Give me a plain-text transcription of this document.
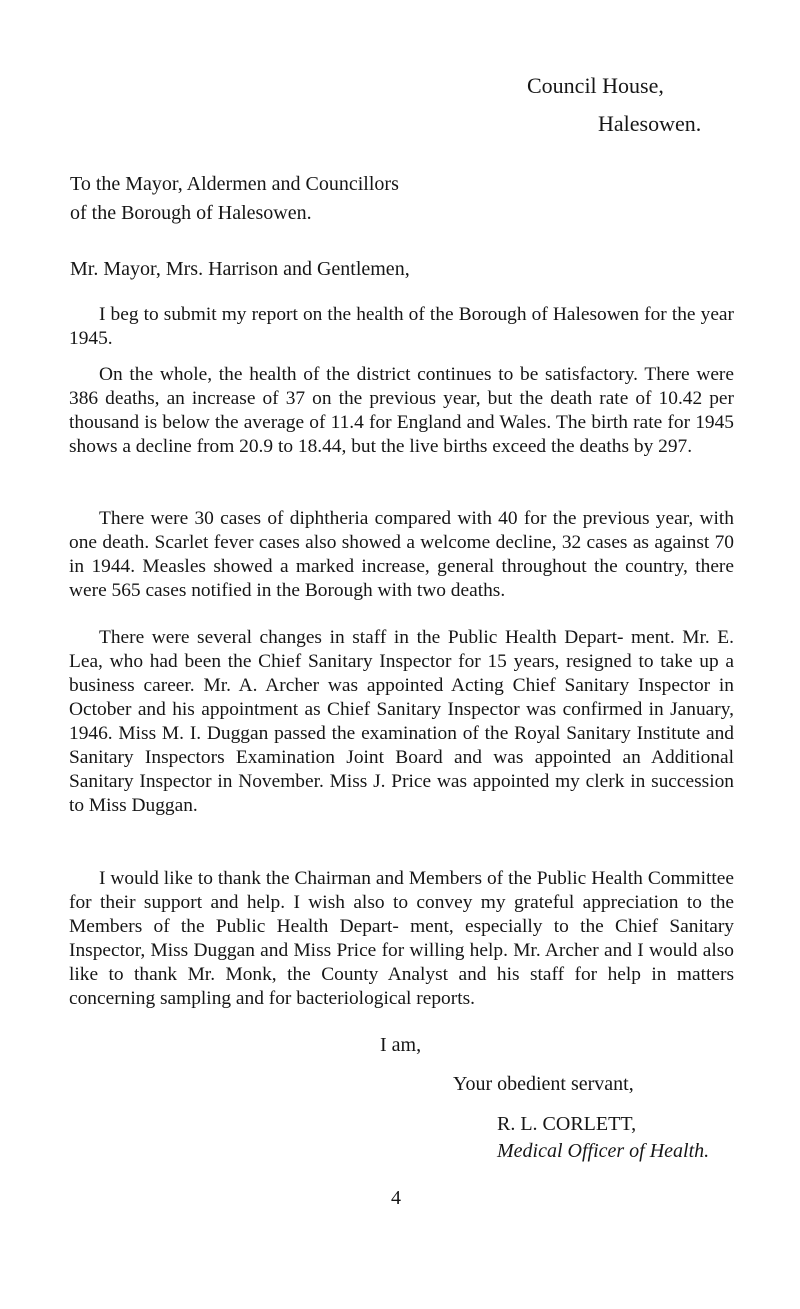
Council House,
Halesowen.
To the Mayor, Aldermen and Councillors
of the Borough of Halesowen.
Mr. Mayor, Mrs. Harrison and Gentlemen,

I beg to submit my report on the health of the Borough of Halesowen for the year 1945.

On the whole, the health of the district continues to be satisfactory. There were 386 deaths, an increase of 37 on the previous year, but the death rate of 10.42 per thousand is below the average of 11.4 for England and Wales. The birth rate for 1945 shows a decline from 20.9 to 18.44, but the live births exceed the deaths by 297.

There were 30 cases of diphtheria compared with 40 for the previous year, with one death. Scarlet fever cases also showed a welcome decline, 32 cases as against 70 in 1944. Measles showed a marked increase, general throughout the country, there were 565 cases notified in the Borough with two deaths.

There were several changes in staff in the Public Health Depart- ment. Mr. E. Lea, who had been the Chief Sanitary Inspector for 15 years, resigned to take up a business career. Mr. A. Archer was appointed Acting Chief Sanitary Inspector in October and his appointment as Chief Sanitary Inspector was confirmed in January, 1946. Miss M. I. Duggan passed the examination of the Royal Sanitary Institute and Sanitary Inspectors Examination Joint Board and was appointed an Additional Sanitary Inspector in November. Miss J. Price was appointed my clerk in succession to Miss Duggan.

I would like to thank the Chairman and Members of the Public Health Committee for their support and help. I wish also to convey my grateful appreciation to the Members of the Public Health Depart- ment, especially to the Chief Sanitary Inspector, Miss Duggan and Miss Price for willing help. Mr. Archer and I would also like to thank Mr. Monk, the County Analyst and his staff for help in matters concerning sampling and for bacteriological reports.

I am,
Your obedient servant,
R. L. CORLETT,
Medical Officer of Health.
4
